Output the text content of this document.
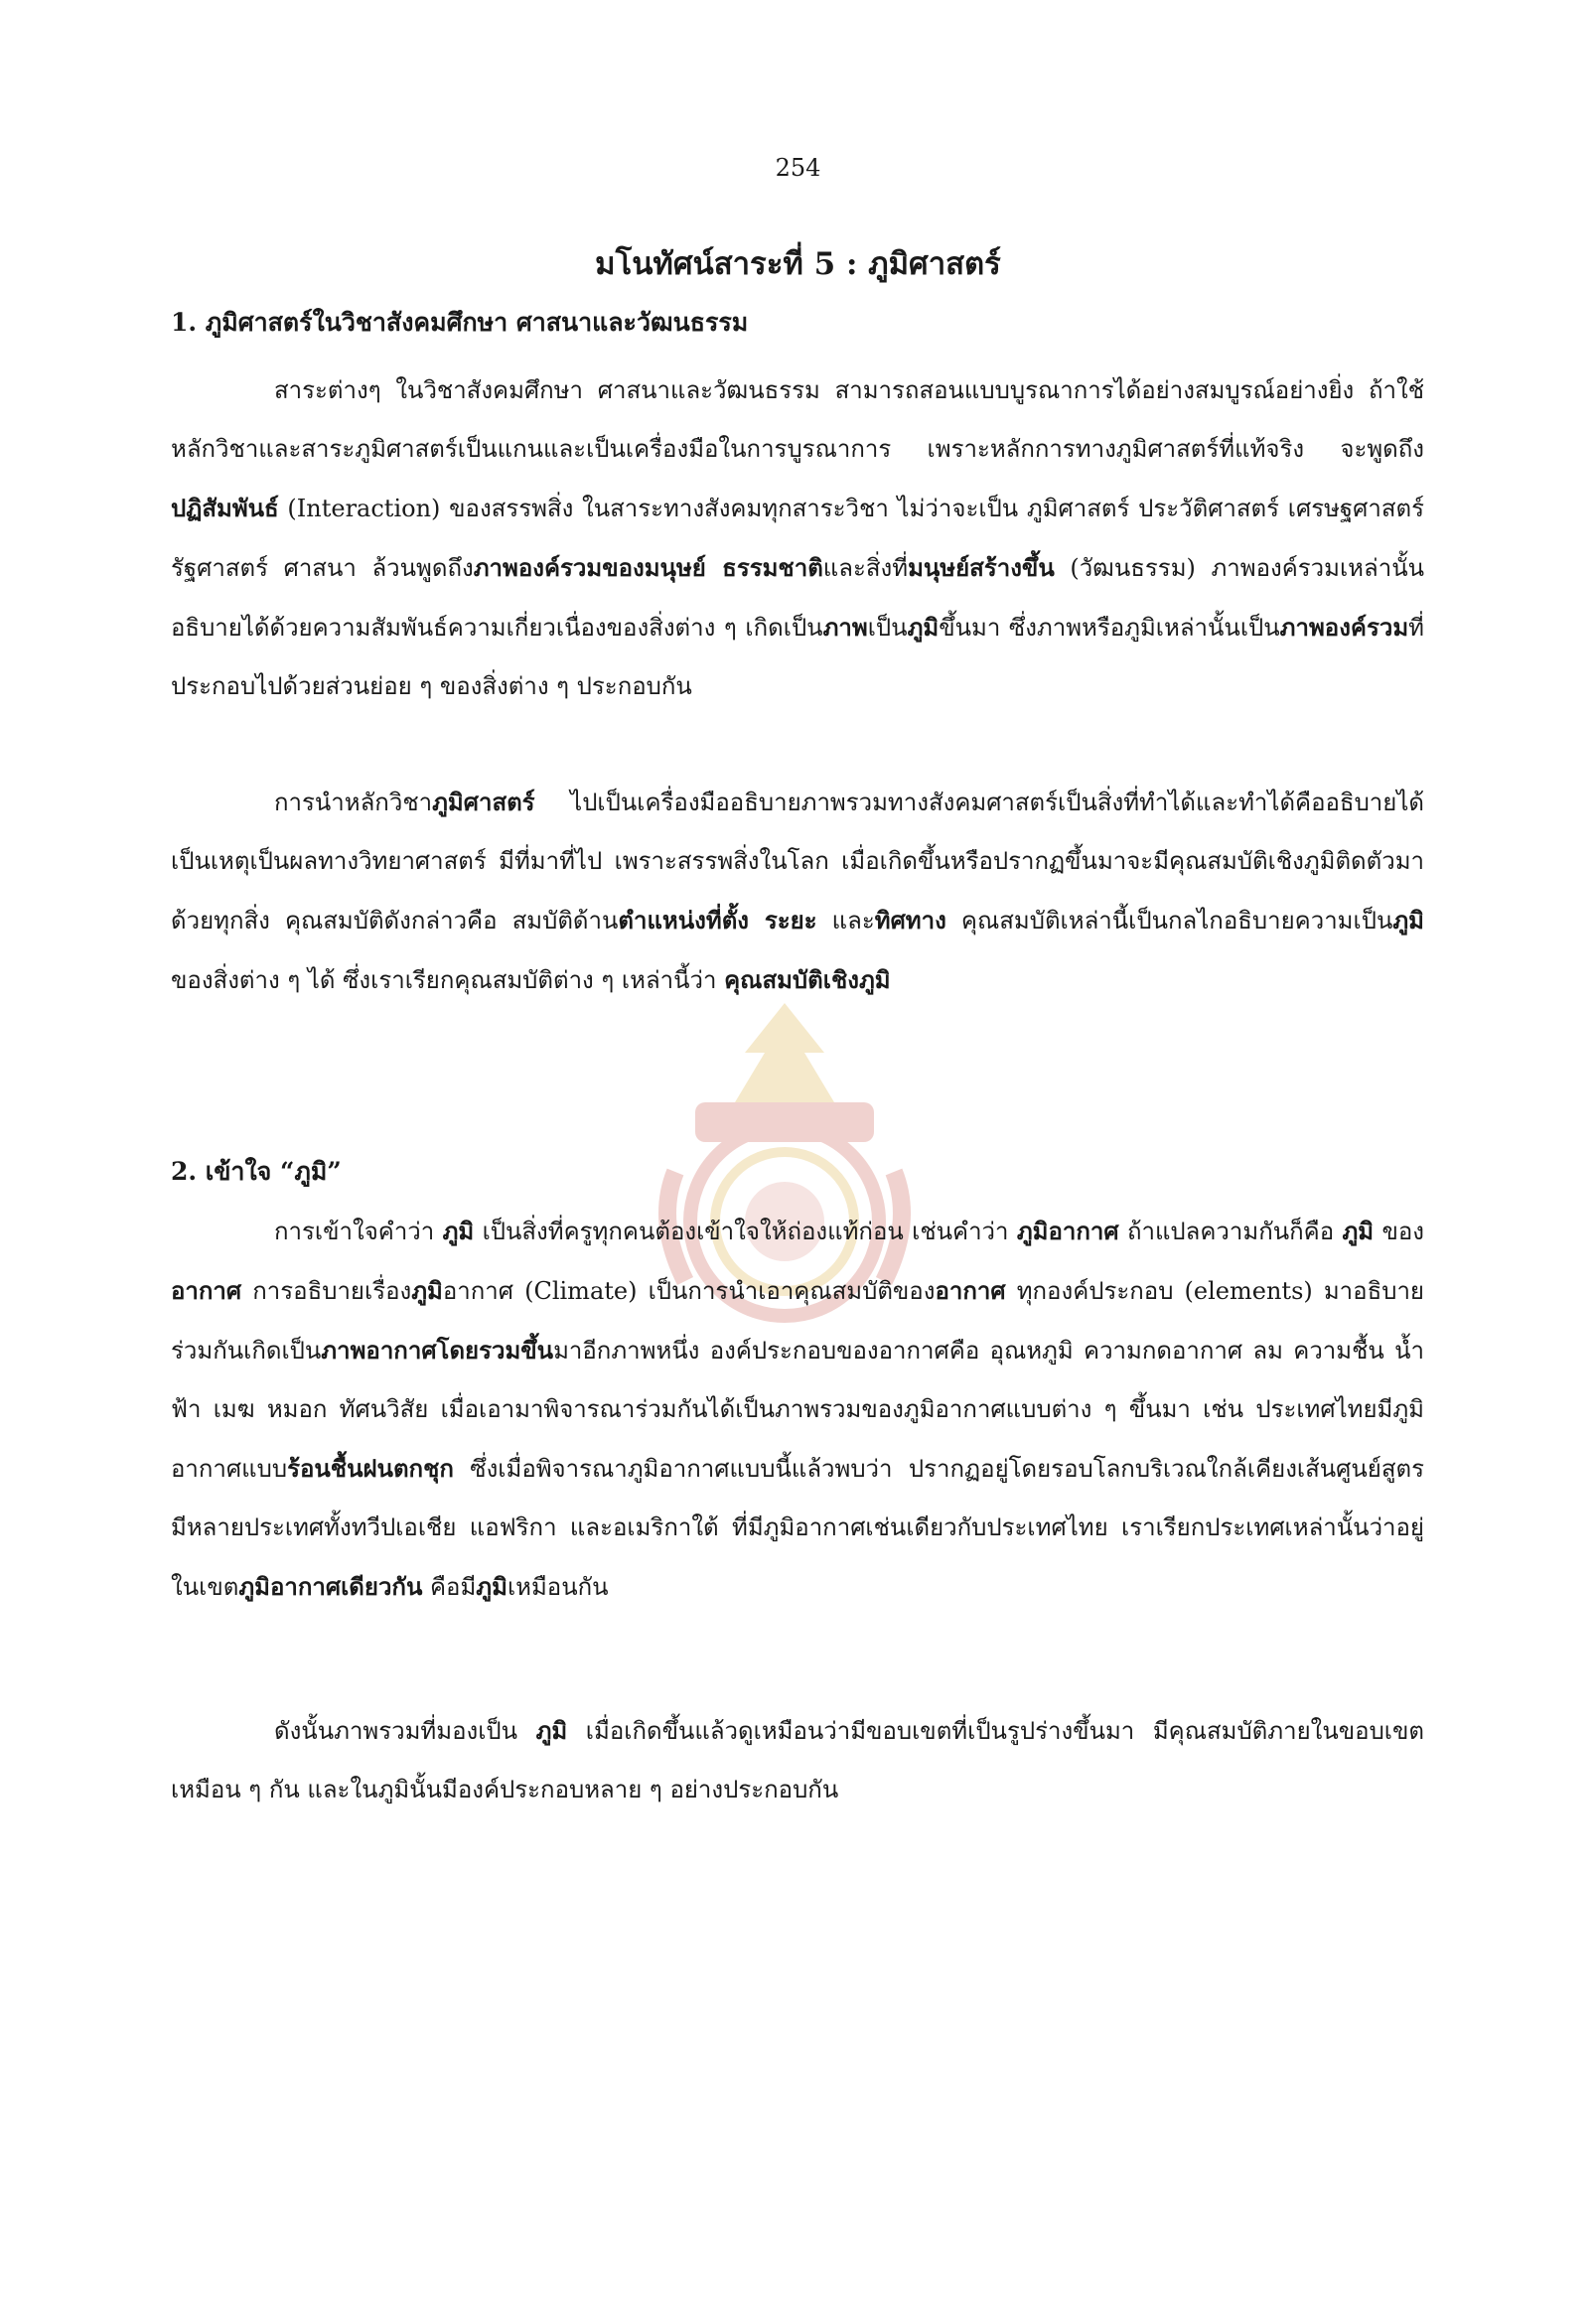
254
มโนทัศน์สาระที่ 5 : ภูมิศาสตร์
1. ภูมิศาสตร์ในวิชาสังคมศึกษา ศาสนาและวัฒนธรรม

สาระต่างๆ ในวิชาสังคมศึกษา ศาสนาและวัฒนธรรม สามารถสอนแบบบูรณาการได้อย่างสมบูรณ์อย่างยิ่ง ถ้าใช้หลักวิชาและสาระภูมิศาสตร์เป็นแกนและเป็นเครื่องมือในการบูรณาการ เพราะหลักการทางภูมิศาสตร์ที่แท้จริง จะพูดถึงปฏิสัมพันธ์ (Interaction) ของสรรพสิ่ง ในสาระทางสังคมทุกสาระวิชา ไม่ว่าจะเป็น ภูมิศาสตร์ ประวัติศาสตร์ เศรษฐศาสตร์ รัฐศาสตร์ ศาสนา ล้วนพูดถึงภาพองค์รวมของมนุษย์ ธรรมชาติและสิ่งที่มนุษย์สร้างขึ้น (วัฒนธรรม) ภาพองค์รวมเหล่านั้น อธิบายได้ด้วยความสัมพันธ์ความเกี่ยวเนื่องของสิ่งต่าง ๆ เกิดเป็นภาพเป็นภูมิขึ้นมา ซึ่งภาพหรือภูมิเหล่านั้นเป็นภาพองค์รวมที่ประกอบไปด้วยส่วนย่อย ๆ ของสิ่งต่าง ๆ ประกอบกัน

การนำหลักวิชาภูมิศาสตร์ ไปเป็นเครื่องมืออธิบายภาพรวมทางสังคมศาสตร์เป็นสิ่งที่ทำได้และทำได้คืออธิบายได้เป็นเหตุเป็นผลทางวิทยาศาสตร์ มีที่มาที่ไป เพราะสรรพสิ่งในโลก เมื่อเกิดขึ้นหรือปรากฏขึ้นมาจะมีคุณสมบัติเชิงภูมิติดตัวมาด้วยทุกสิ่ง คุณสมบัติดังกล่าวคือ สมบัติด้านตำแหน่งที่ตั้ง ระยะ และทิศทาง คุณสมบัติเหล่านี้เป็นกลไกอธิบายความเป็นภูมิของสิ่งต่าง ๆ ได้ ซึ่งเราเรียกคุณสมบัติต่าง ๆ เหล่านี้ว่า คุณสมบัติเชิงภูมิ

2. เข้าใจ “ภูมิ”

การเข้าใจคำว่า ภูมิ เป็นสิ่งที่ครูทุกคนต้องเข้าใจให้ถ่องแท้ก่อน เช่นคำว่า ภูมิอากาศ ถ้าแปลความกันก็คือ ภูมิ ของอากาศ การอธิบายเรื่องภูมิอากาศ (Climate) เป็นการนำเอาคุณสมบัติของอากาศ ทุกองค์ประกอบ (elements) มาอธิบายร่วมกันเกิดเป็นภาพอากาศโดยรวมขึ้นมาอีกภาพหนึ่ง องค์ประกอบของอากาศคือ อุณหภูมิ ความกดอากาศ ลม ความชื้น น้ำ ฟ้า เมฆ หมอก ทัศนวิสัย เมื่อเอามาพิจารณาร่วมกันได้เป็นภาพรวมของภูมิอากาศแบบต่าง ๆ ขึ้นมา เช่น ประเทศไทยมีภูมิอากาศแบบร้อนชื้นฝนตกชุก ซึ่งเมื่อพิจารณาภูมิอากาศแบบนี้แล้วพบว่า ปรากฏอยู่โดยรอบโลกบริเวณใกล้เคียงเส้นศูนย์สูตร มีหลายประเทศทั้งทวีปเอเชีย แอฟริกา และอเมริกาใต้ ที่มีภูมิอากาศเช่นเดียวกับประเทศไทย เราเรียกประเทศเหล่านั้นว่าอยู่ในเขตภูมิอากาศเดียวกัน คือมีภูมิเหมือนกัน

ดังนั้นภาพรวมที่มองเป็น ภูมิ เมื่อเกิดขึ้นแล้วดูเหมือนว่ามีขอบเขตที่เป็นรูปร่างขึ้นมา มีคุณสมบัติภายในขอบเขตเหมือน ๆ กัน และในภูมินั้นมีองค์ประกอบหลาย ๆ อย่างประกอบกัน
